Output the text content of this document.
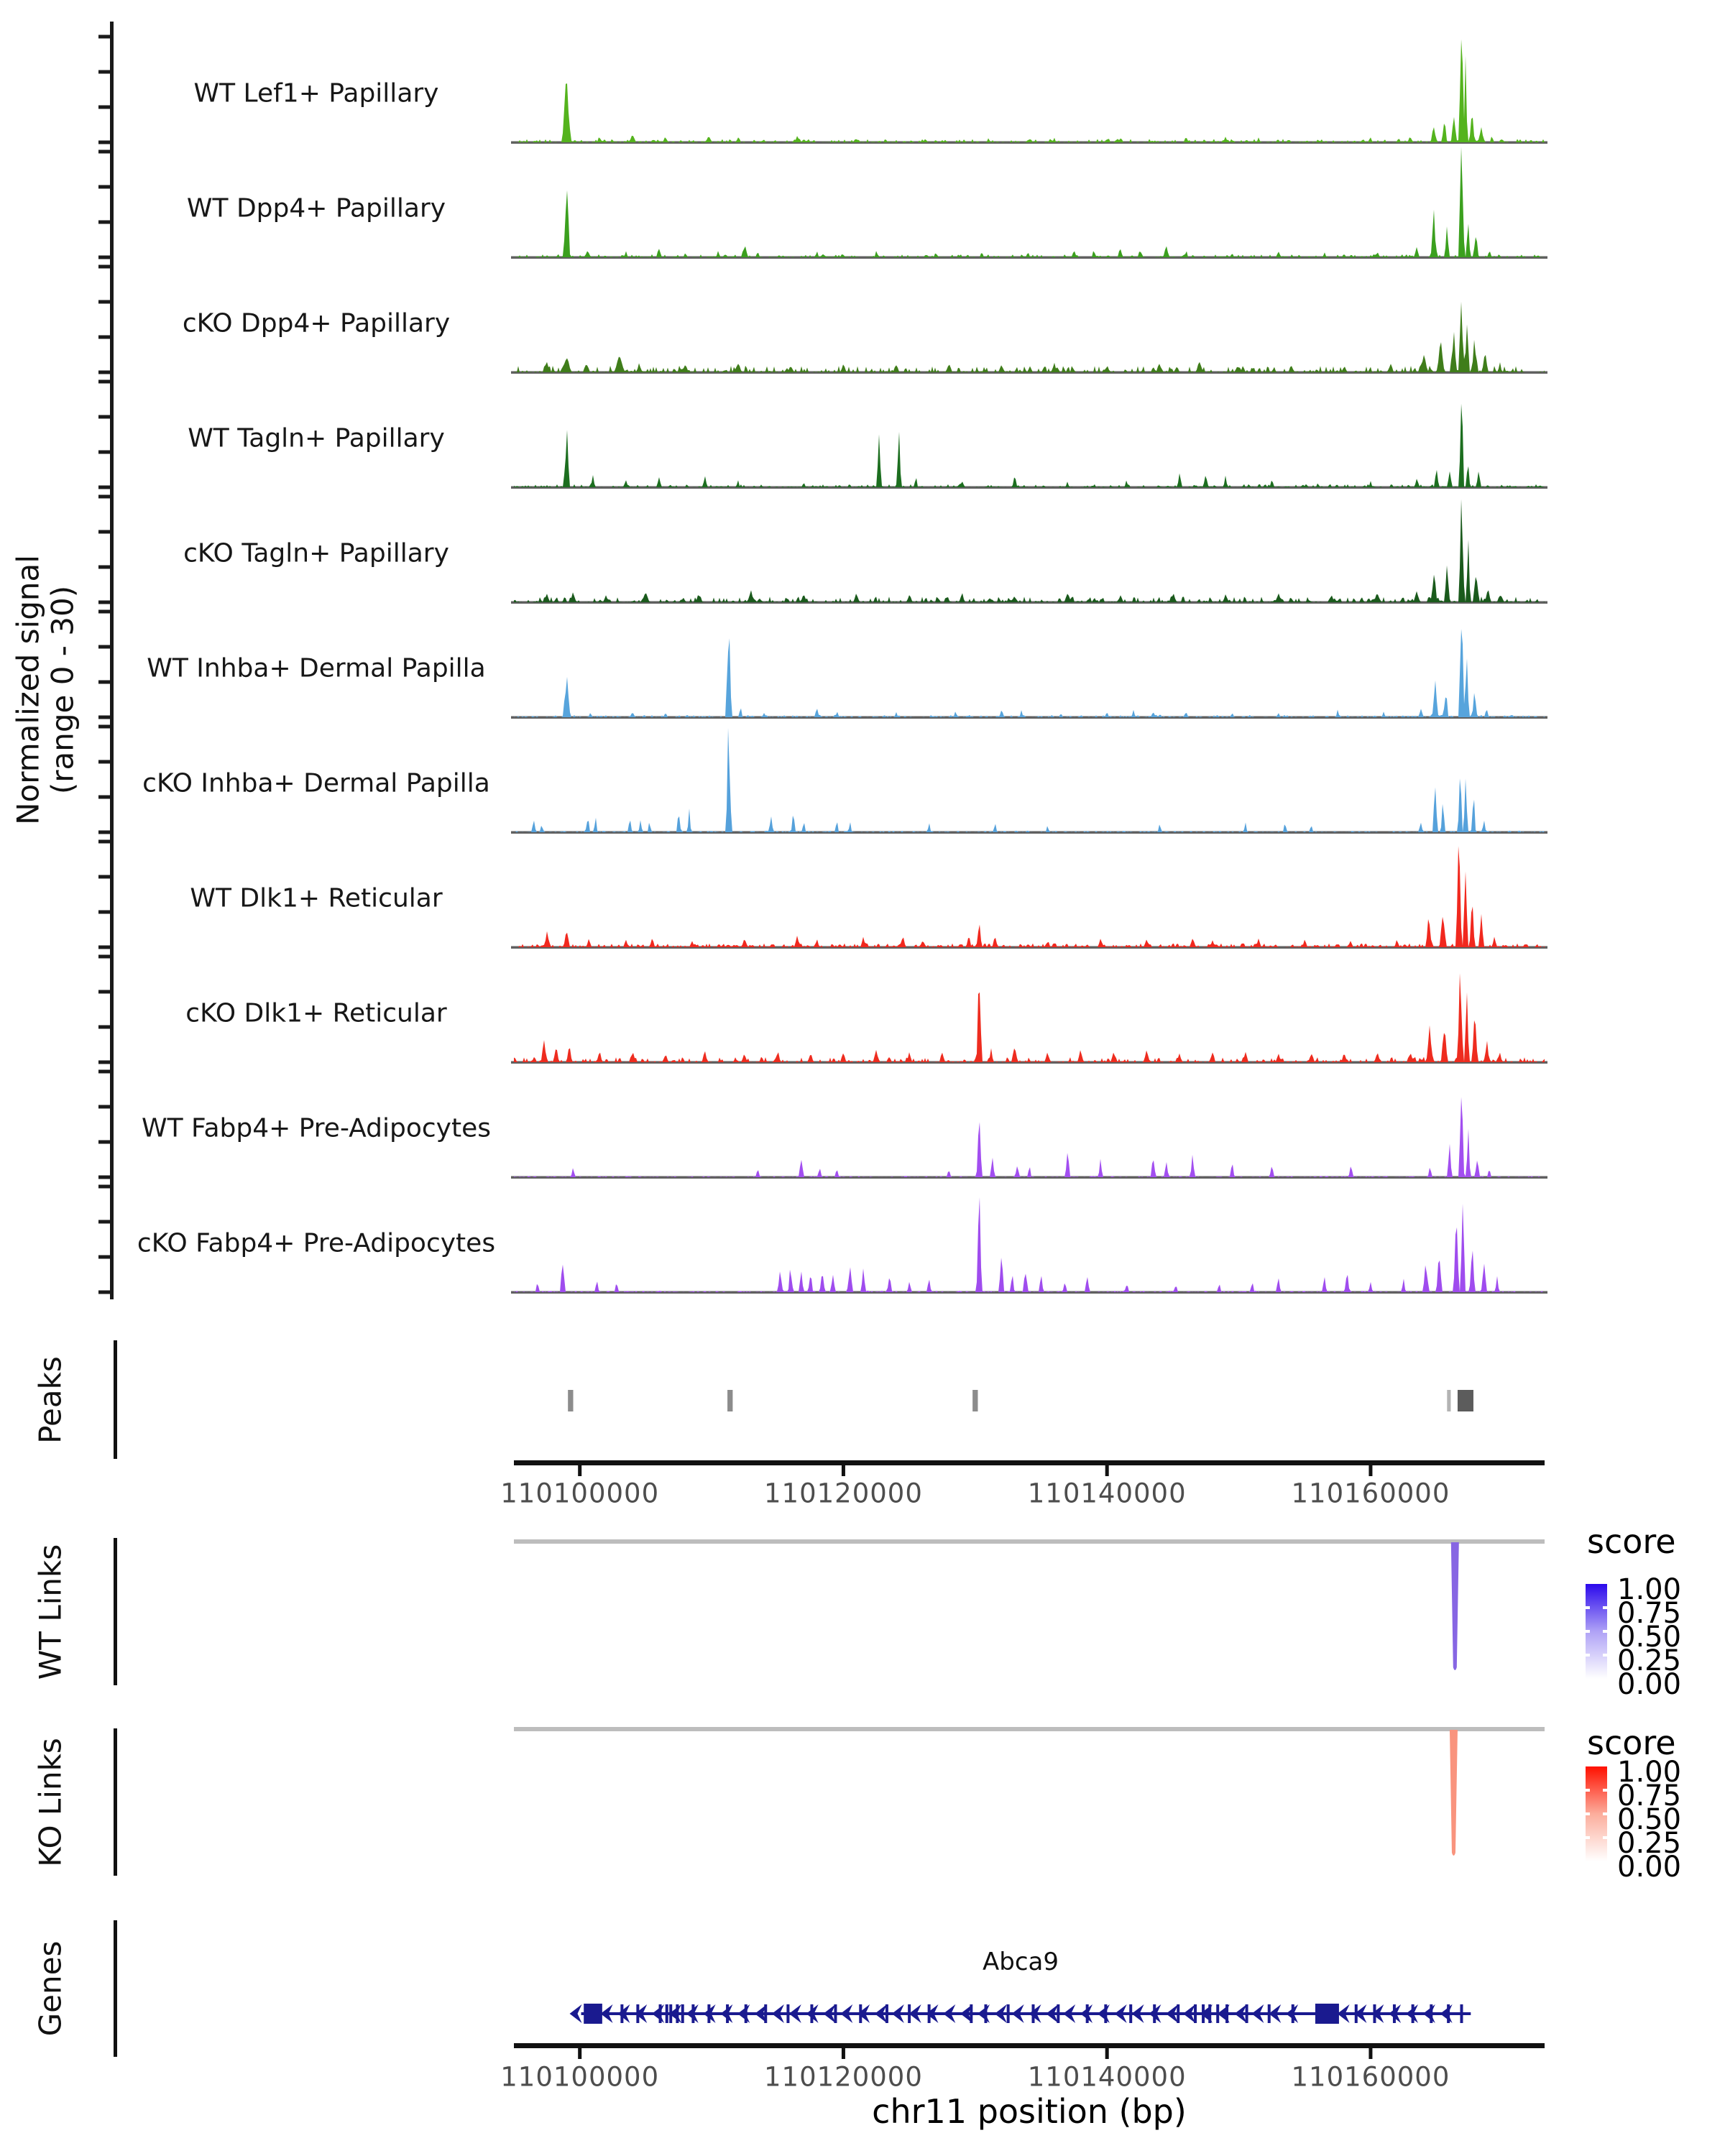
Normalized signal (range 0 - 30)
Peaks
WT Links
KO Links
Genes
WT Lef1+ Papillary
WT Dpp4+ Papillary
cKO Dpp4+ Papillary
WT Tagln+ Papillary
cKO Tagln+ Papillary
WT Inhba+ Dermal Papilla
cKO Inhba+ Dermal Papilla
WT Dlk1+ Reticular
cKO Dlk1+ Reticular
WT Fabp4+ Pre-Adipocytes
cKO Fabp4+ Pre-Adipocytes
110100000	110120000	110140000	110160000
110100000	110120000	110140000	110160000
score
1.00
0.75
0.50
0.25
0.00
score
1.00
0.75
0.50
0.25
0.00
Abca9
chr11 position (bp)
